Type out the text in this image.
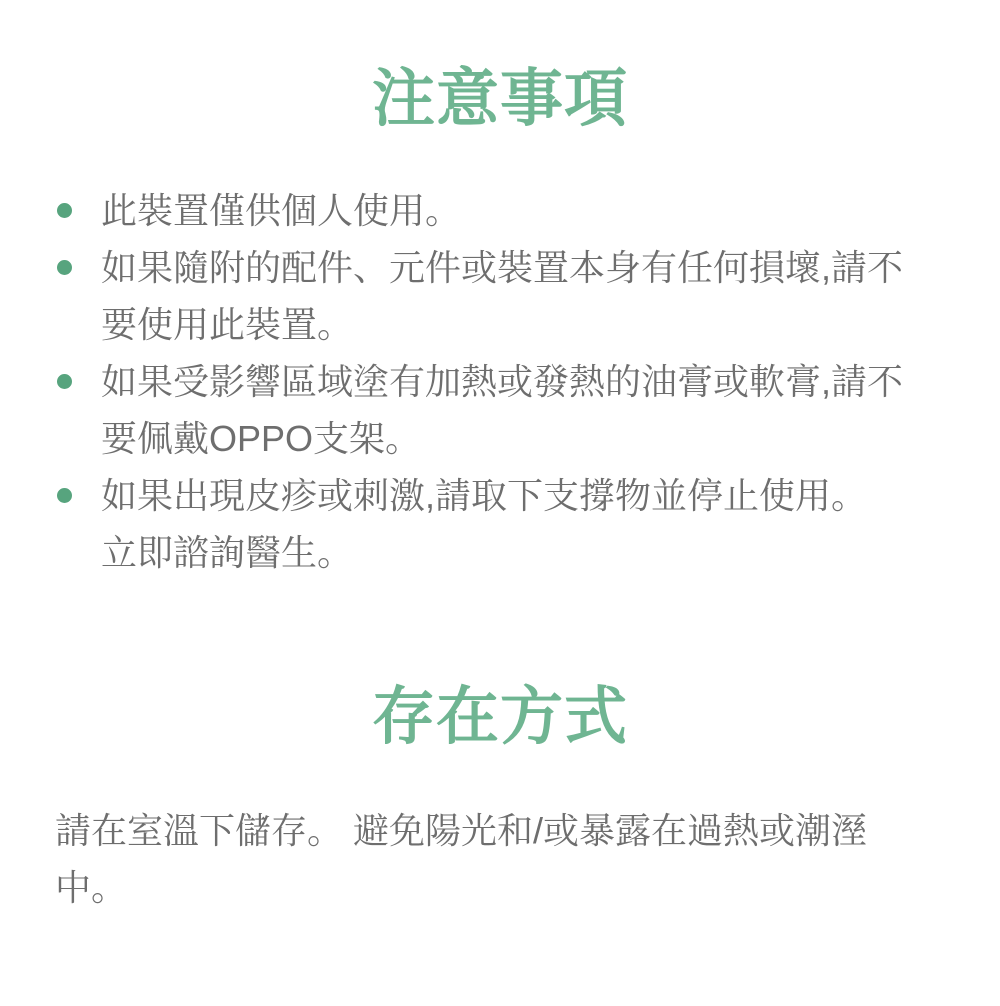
注意事項
此裝置僅供個人使用。
如果隨附的配件、元件或裝置本身有任何損壞,請不
要使用此裝置。
如果受影響區域塗有加熱或發熱的油膏或軟膏,請不
要佩戴OPPO支架。
如果出現皮疹或刺激,請取下支撐物並停止使用。
立即諮詢醫生。
存在方式

請在室溫下儲存。 避免陽光和/或暴露在過熱或潮溼
中。
